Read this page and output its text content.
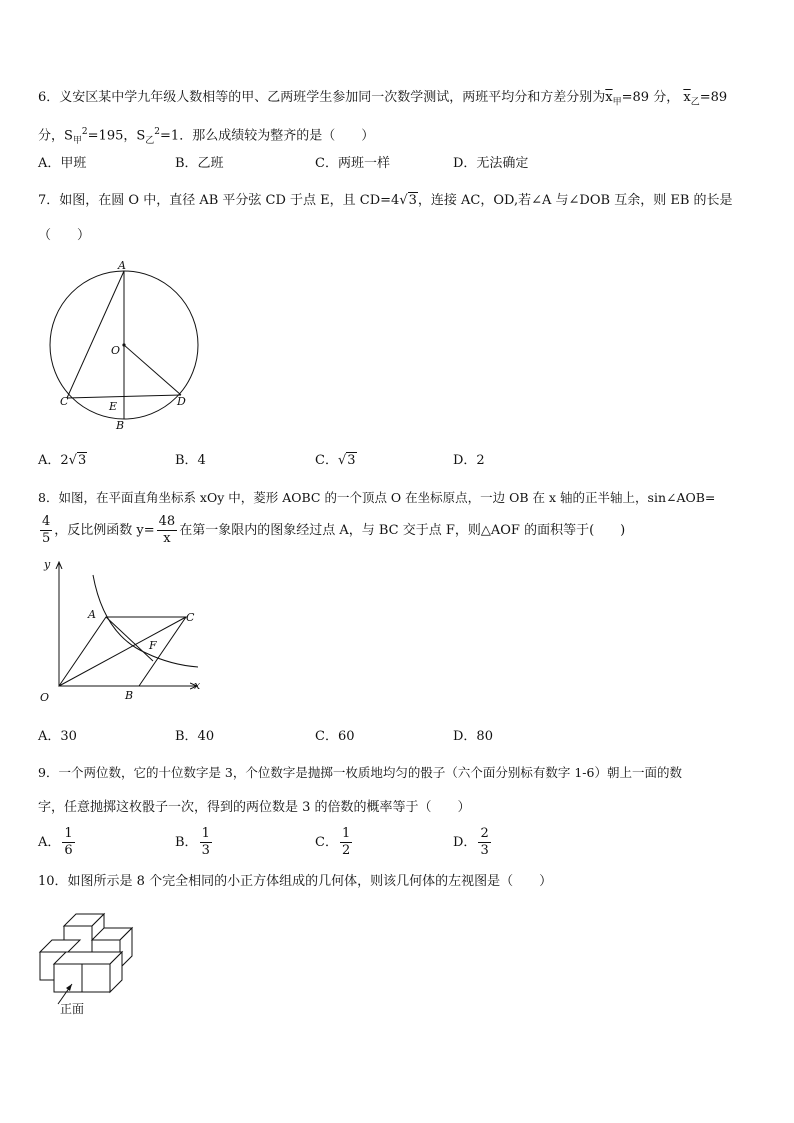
6．义安区某中学九年级人数相等的甲、乙两班学生参加同一次数学测试，两班平均分和方差分别为$\overline{x}_甲=89$ 分， $\overline{x}_乙=89$
分，$S_甲^2=195$，$S_乙^2=1$．那么成绩较为整齐的是（　　）
A．甲班	B．乙班	C．两班一样	D．无法确定
7．如图，在圆 O 中，直径 AB 平分弦 CD 于点 E，且 CD=4√3，连接 AC，OD,若∠A 与∠DOB 互余，则 EB 的长是
（　　）
A
O
C	E	D
B
A．2√3	B．4	C．√3	D．2
8．如图，在平面直角坐标系 xOy 中，菱形 AOBC 的一个顶点 O 在坐标原点，一边 OB 在 x 轴的正半轴上，sin∠AOB=
$\frac{4}{5}$ ，反比例函数 $y= \frac{48}{x}$ 在第一象限内的图象经过点 A，与 BC 交于点 F，则△AOF 的面积等于(　　)
y
x
O
A	C
F
B
A．30	B．40	C．60	D．80
9．一个两位数，它的十位数字是 3，个位数字是抛掷一枚质地均匀的骰子（六个面分别标有数字 1-6）朝上一面的数
字，任意抛掷这枚骰子一次，得到的两位数是 3 的倍数的概率等于（　　）
A． $\frac{1}{6}$	B． $\frac{1}{3}$	C． $\frac{1}{2}$	D． $\frac{2}{3}$
10．如图所示是 8 个完全相同的小正方体组成的几何体，则该几何体的左视图是（　　）
正面
